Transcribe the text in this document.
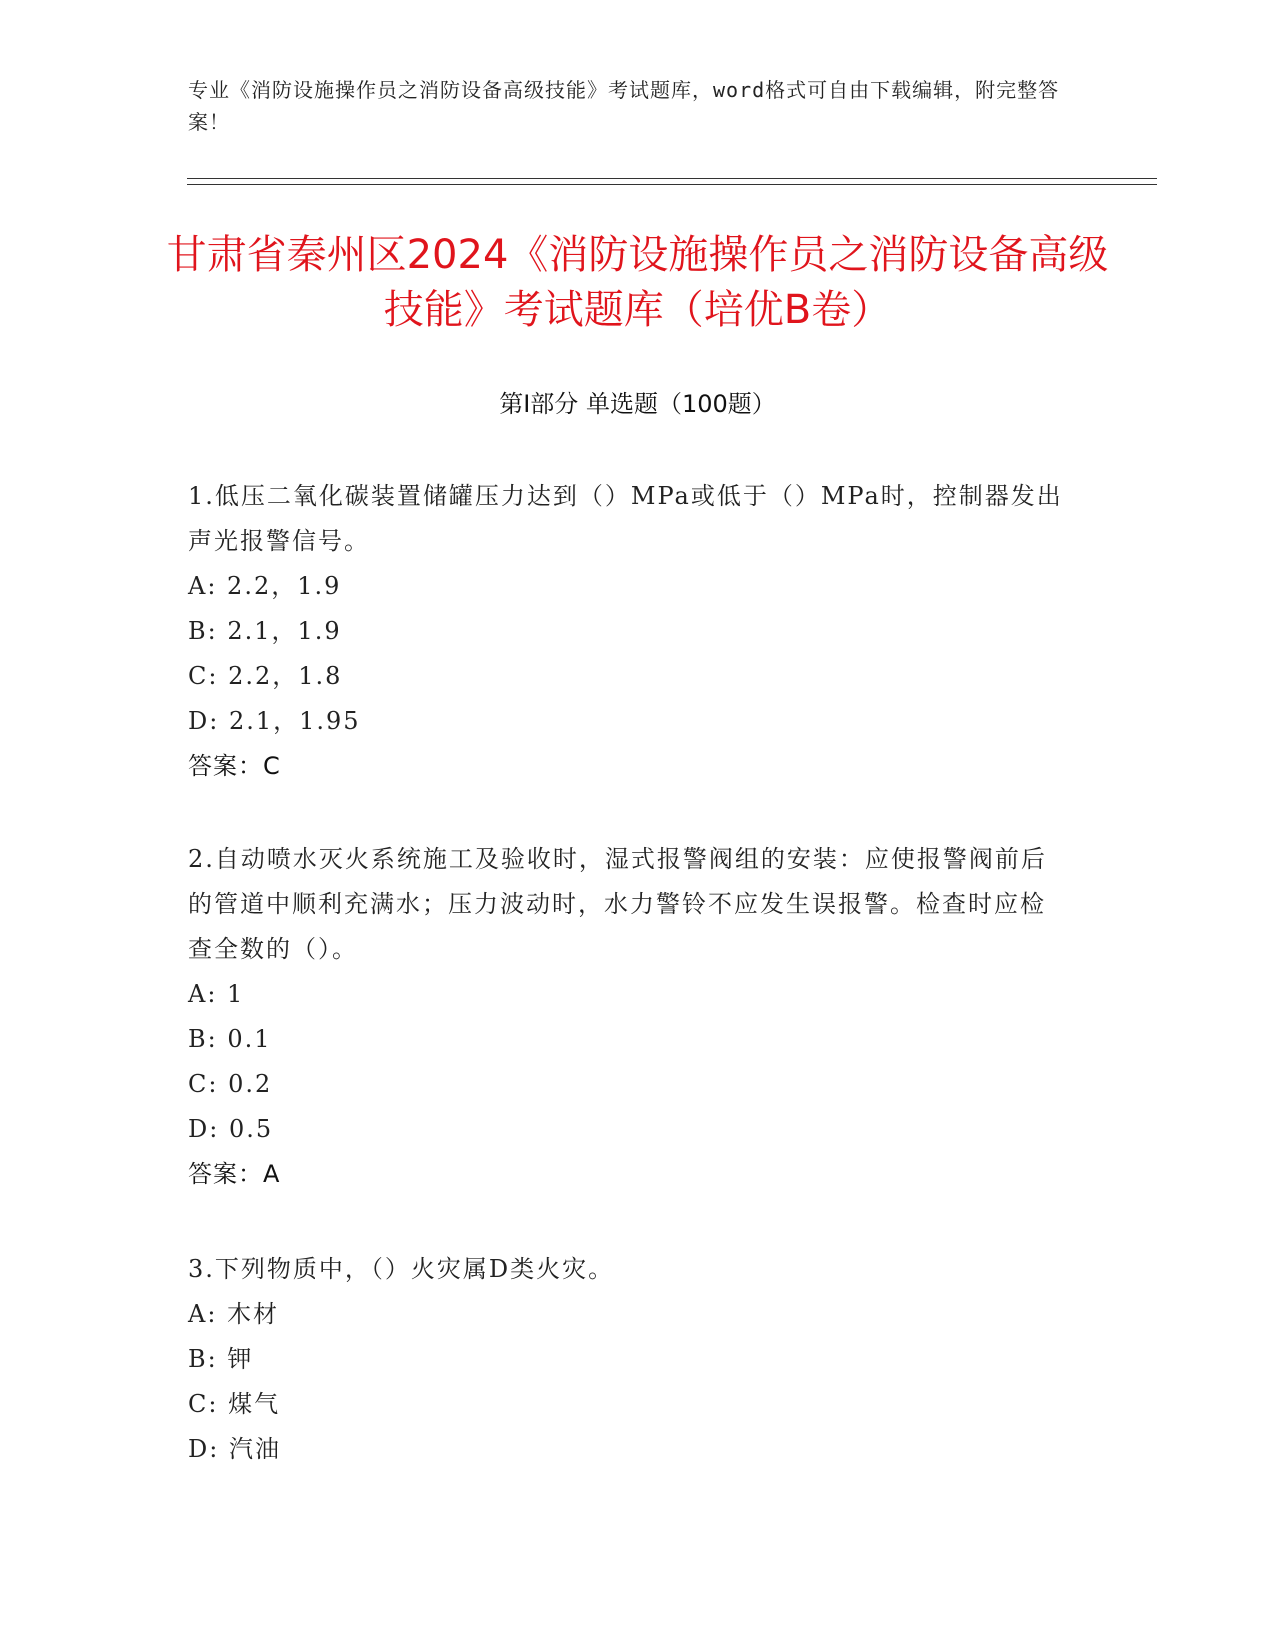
专业《消防设施操作员之消防设备高级技能》考试题库，word格式可自由下载编辑，附完整答案！
甘肃省秦州区2024《消防设施操作员之消防设备高级技能》考试题库（培优B卷）
第Ⅰ部分 单选题（100题）

1.低压二氧化碳装置储罐压力达到（）MPa或低于（）MPa时，控制器发出声光报警信号。

A: 2.2，1.9

B: 2.1，1.9

C: 2.2，1.8

D: 2.1，1.95

答案：C

2.自动喷水灭火系统施工及验收时，湿式报警阀组的安装：应使报警阀前后的管道中顺利充满水；压力波动时，水力警铃不应发生误报警。检查时应检查全数的（）。

A: 1

B: 0.1

C: 0.2

D: 0.5

答案：A

3.下列物质中，（）火灾属D类火灾。

A: 木材

B: 钾

C: 煤气

D: 汽油
